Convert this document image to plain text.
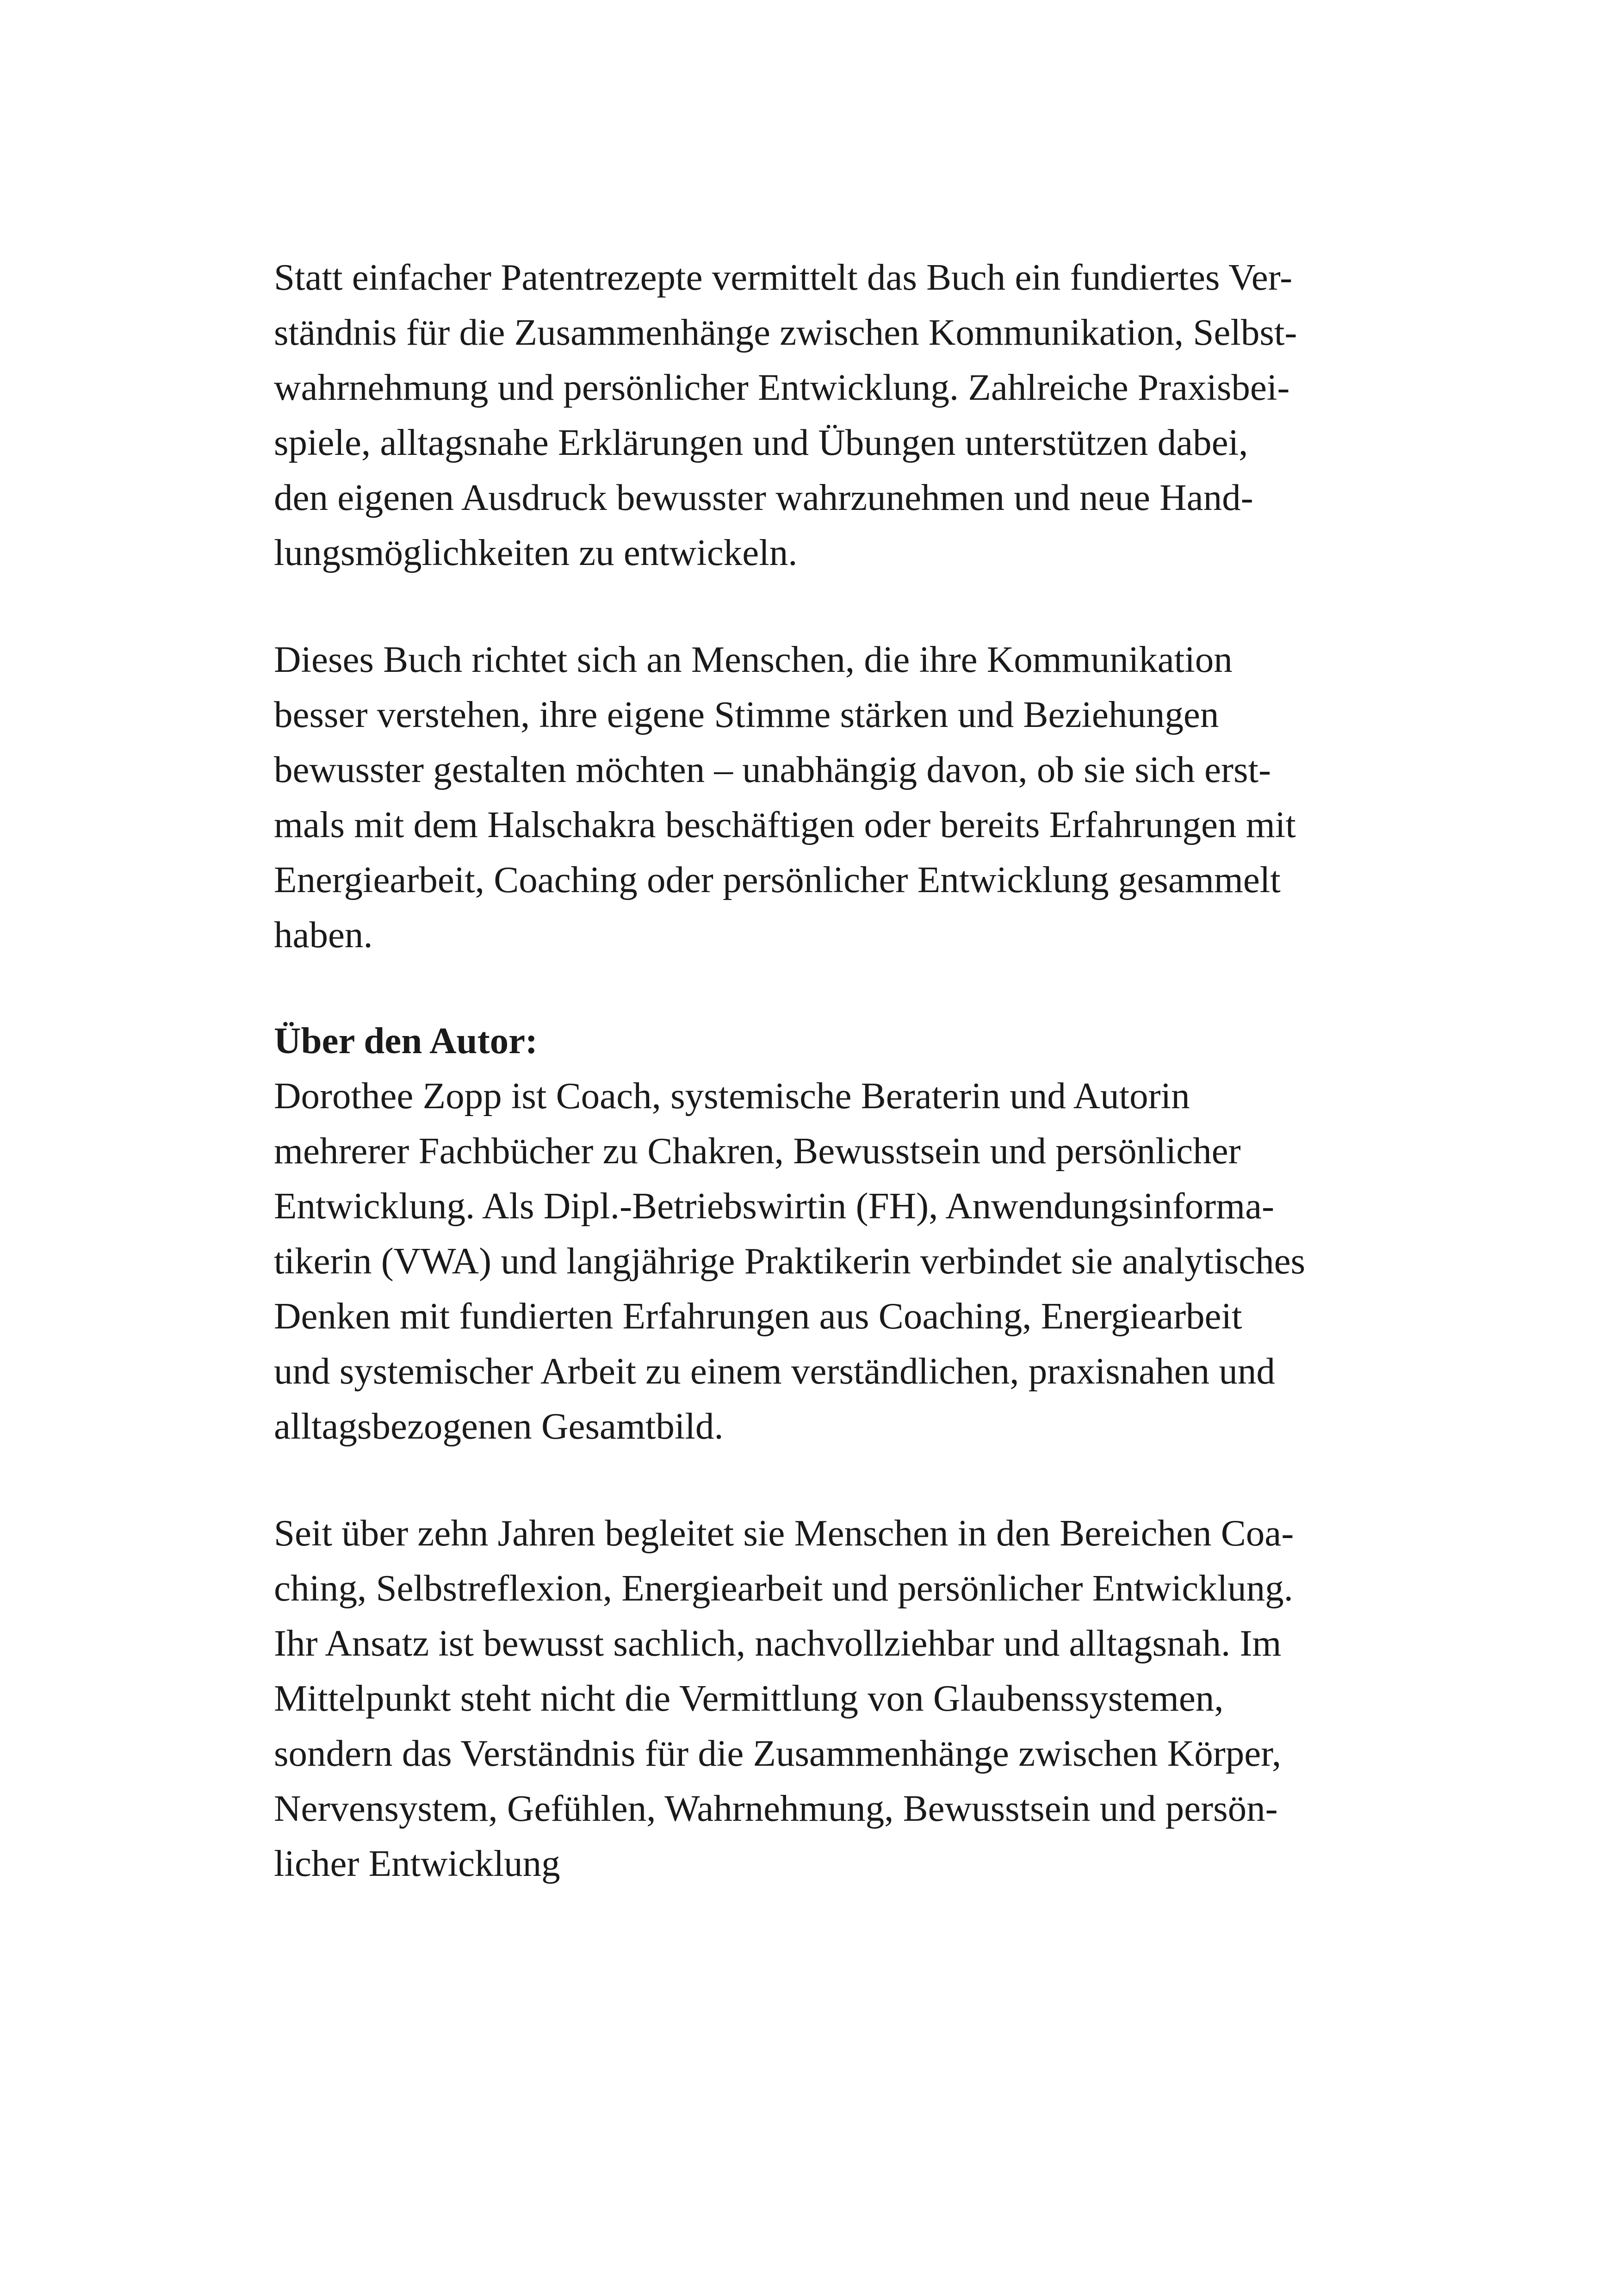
Statt einfacher Patentrezepte vermittelt das Buch ein fundiertes Ver-
ständnis für die Zusammenhänge zwischen Kommunikation, Selbst-
wahrnehmung und persönlicher Entwicklung. Zahlreiche Praxisbei-
spiele, alltagsnahe Erklärungen und Übungen unterstützen dabei,
den eigenen Ausdruck bewusster wahrzunehmen und neue Hand-
lungsmöglichkeiten zu entwickeln.
Dieses Buch richtet sich an Menschen, die ihre Kommunikation
besser verstehen, ihre eigene Stimme stärken und Beziehungen
bewusster gestalten möchten – unabhängig davon, ob sie sich erst-
mals mit dem Halschakra beschäftigen oder bereits Erfahrungen mit
Energiearbeit, Coaching oder persönlicher Entwicklung gesammelt
haben.
Über den Autor:
Dorothee Zopp ist Coach, systemische Beraterin und Autorin
mehrerer Fachbücher zu Chakren, Bewusstsein und persönlicher
Entwicklung. Als Dipl.-Betriebswirtin (FH), Anwendungsinforma-
tikerin (VWA) und langjährige Praktikerin verbindet sie analytisches
Denken mit fundierten Erfahrungen aus Coaching, Energiearbeit
und systemischer Arbeit zu einem verständlichen, praxisnahen und
alltagsbezogenen Gesamtbild.
Seit über zehn Jahren begleitet sie Menschen in den Bereichen Coa-
ching, Selbstreflexion, Energiearbeit und persönlicher Entwicklung.
Ihr Ansatz ist bewusst sachlich, nachvollziehbar und alltagsnah. Im
Mittelpunkt steht nicht die Vermittlung von Glaubenssystemen,
sondern das Verständnis für die Zusammenhänge zwischen Körper,
Nervensystem, Gefühlen, Wahrnehmung, Bewusstsein und persön-
licher Entwicklung
